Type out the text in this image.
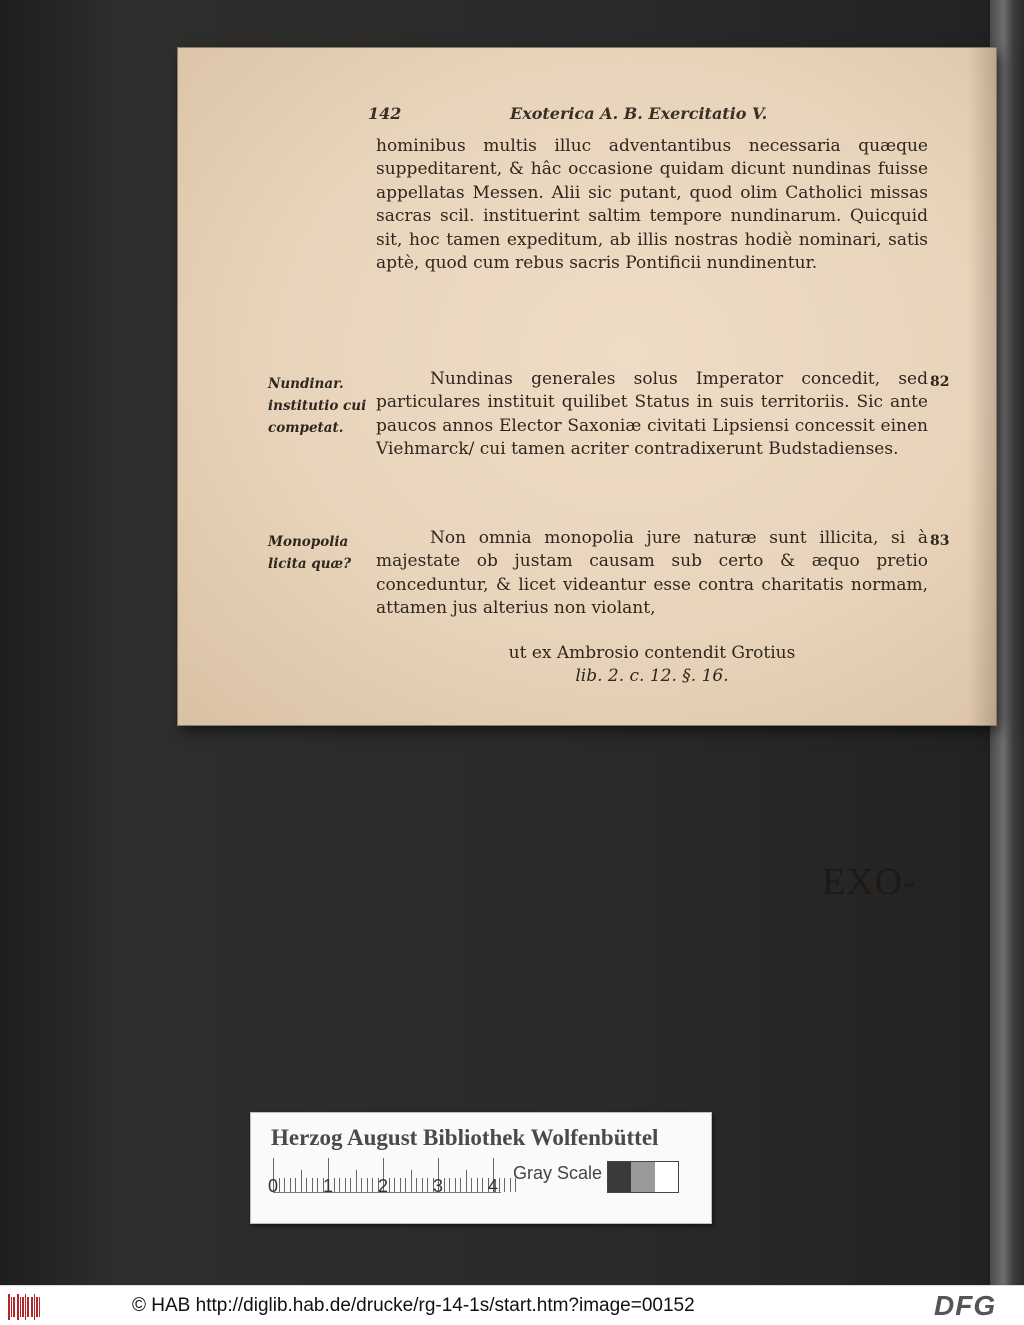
142	Exoterica A. B. Exercitatio V.
hominibus multis illuc adventantibus necessaria quæque suppeditarent, & hâc occasione quidam dicunt nundinas fuisse appellatas Messen. Alii sic putant, quod olim Catholici missas sacras scil. instituerint saltim tempore nundinarum. Quicquid sit, hoc tamen expeditum, ab illis nostras hodiè nominari, satis aptè, quod cum rebus sacris Pontificii nundinentur.
Nundinar. institutio cui competat.
82
Nundinas generales solus Imperator concedit, sed particulares instituit quilibet Status in suis territoriis. Sic ante paucos annos Elector Saxoniæ civitati Lipsiensi concessit einen Viehmarck/ cui tamen acriter contradixerunt Budstadienses.
Monopolia licita quæ?
83
Non omnia monopolia jure naturæ sunt illicita, si à majestate ob justam causam sub certo & æquo pretio conceduntur, & licet videantur esse contra charitatis normam, attamen jus alterius non violant,
ut ex Ambrosio contendit Grotius
lib. 2. c. 12. §. 16.
EXO-
Herzog August Bibliothek Wolfenbüttel
Gray Scale
0 1 2 3 4
© HAB http://diglib.hab.de/drucke/rg-14-1s/start.htm?image=00152	DFG
